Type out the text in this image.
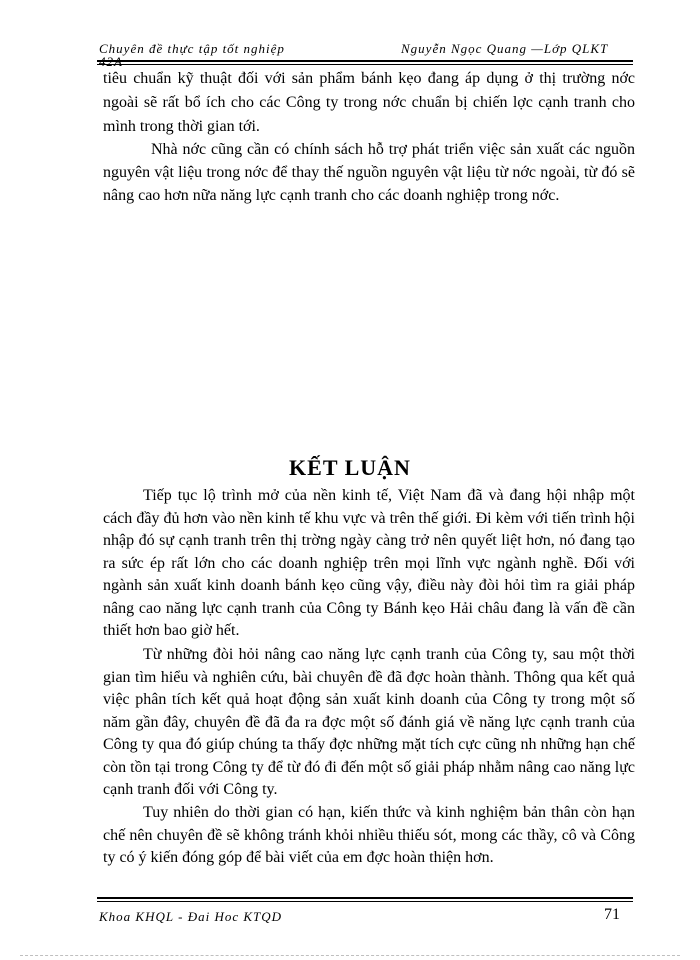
Chuyên đề thực tập tốt nghiệp
42A
Nguyễn Ngọc Quang —Lớp QLKT

tiêu chuẩn kỹ thuật đối với sản phẩm bánh kẹo đang áp dụng ở thị trường nớc ngoài sẽ rất bổ ích cho các Công ty trong nớc chuẩn bị chiến lợc cạnh tranh cho mình trong thời gian tới.

Nhà nớc cũng cần có chính sách hỗ trợ phát triển việc sản xuất các nguồn nguyên vật liệu trong nớc để thay thế nguồn nguyên vật liệu từ nớc ngoài, từ đó sẽ nâng cao hơn nữa năng lực cạnh tranh cho các doanh nghiệp trong nớc.

KẾT LUẬN

Tiếp tục lộ trình mở của nền kinh tế, Việt Nam đã và đang hội nhập một cách đầy đủ hơn vào nền kinh tế khu vực và trên thế giới. Đi kèm với tiến trình hội nhập đó sự cạnh tranh trên thị trờng ngày càng trở nên quyết liệt hơn, nó đang tạo ra sức ép rất lớn cho các doanh nghiệp trên mọi lĩnh vực ngành nghề. Đối với ngành sản xuất kinh doanh bánh kẹo cũng vậy, điều này đòi hỏi tìm ra giải pháp nâng cao năng lực cạnh tranh của Công ty Bánh kẹo Hải châu đang là vấn đề cần thiết hơn bao giờ hết.

Từ những đòi hỏi nâng cao năng lực cạnh tranh của Công ty, sau một thời gian tìm hiểu và nghiên cứu, bài chuyên đề đã đợc hoàn thành. Thông qua kết quả việc phân tích kết quả hoạt động sản xuất kinh doanh của Công ty trong một số năm gần đây, chuyên đề đã đa ra đợc một số đánh giá về năng lực cạnh tranh của Công ty qua đó giúp chúng ta thấy đợc những mặt tích cực cũng nh những hạn chế còn tồn tại trong Công ty để từ đó đi đến một số giải pháp nhằm nâng cao năng lực cạnh tranh đối với Công ty.

Tuy nhiên do thời gian có hạn, kiến thức và kinh nghiệm bản thân còn hạn chế nên chuyên đề sẽ không tránh khỏi nhiều thiếu sót, mong các thầy, cô và Công ty có ý kiến đóng góp để bài viết của em đợc hoàn thiện hơn.

Khoa KHQL - Đai Hoc KTQD	71
